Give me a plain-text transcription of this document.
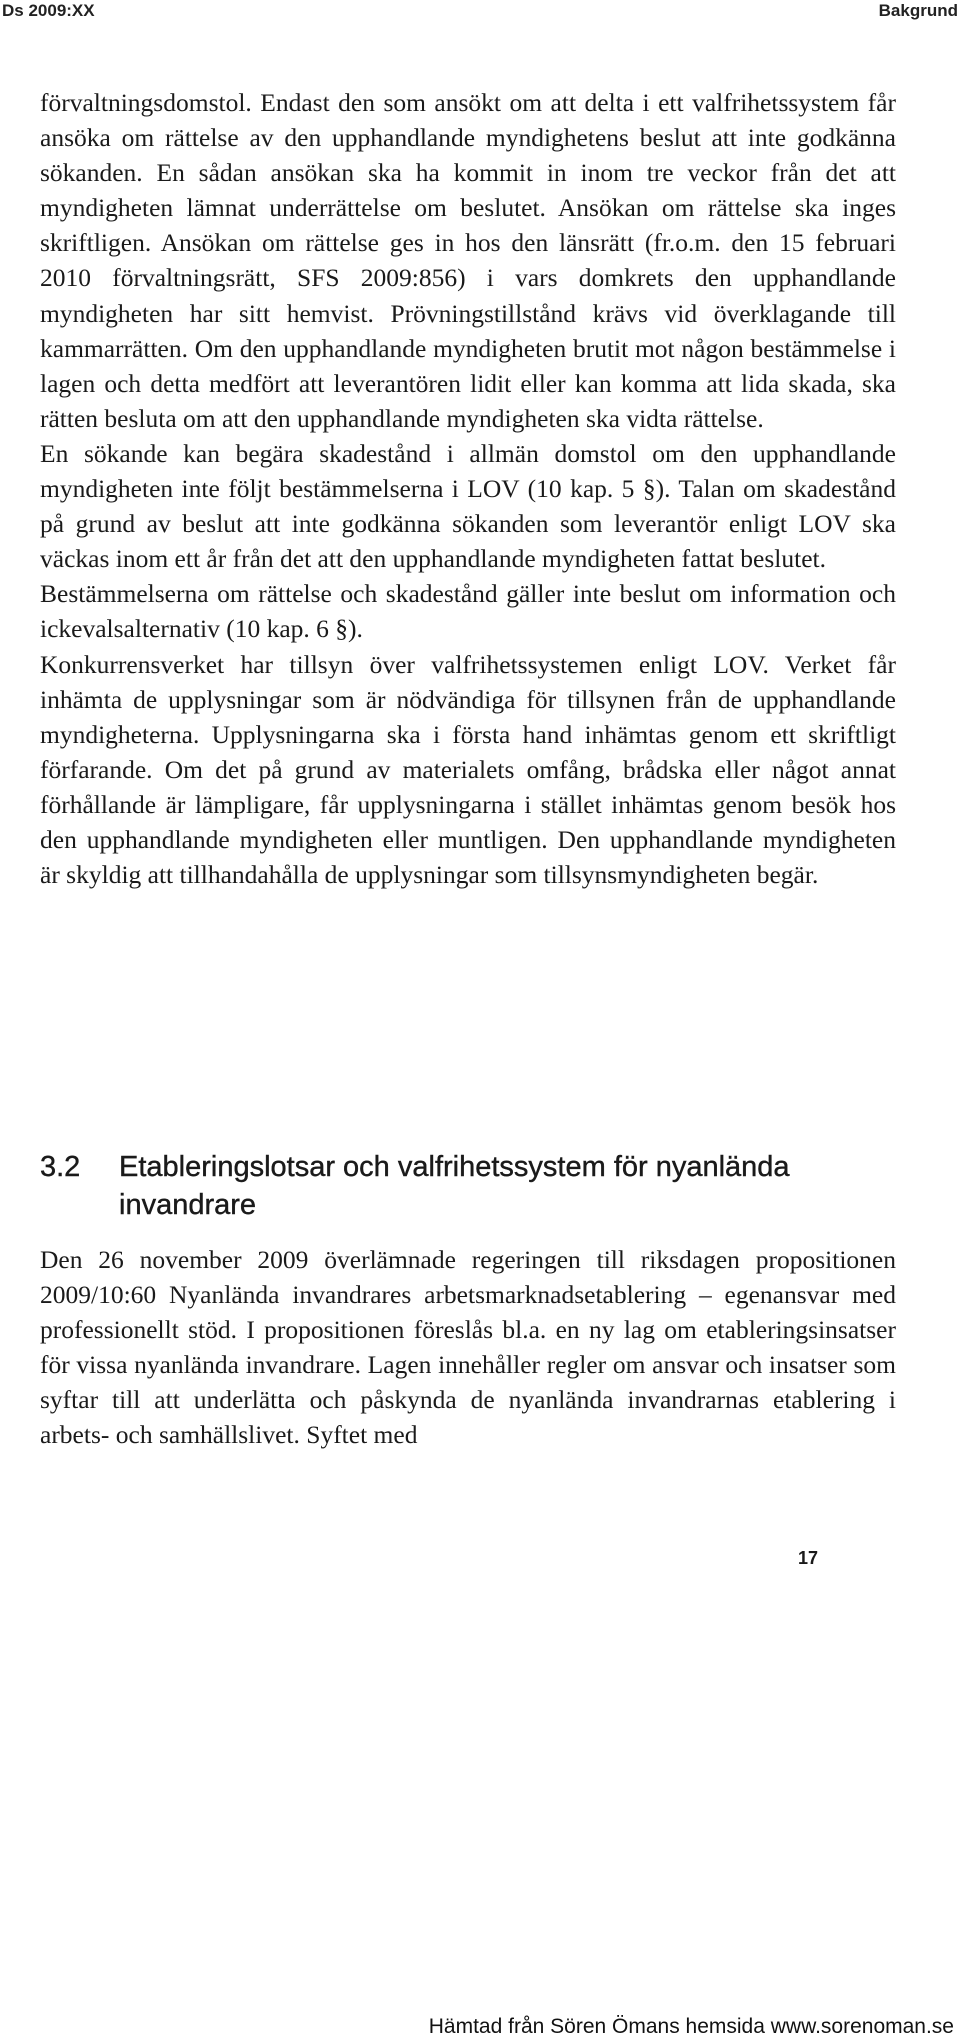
Ds 2009:XX	Bakgrund

förvaltningsdomstol. Endast den som ansökt om att delta i ett valfrihetssystem får ansöka om rättelse av den upphandlande myndighetens beslut att inte godkänna sökanden. En sådan ansökan ska ha kommit in inom tre veckor från det att myndigheten lämnat underrättelse om beslutet. Ansökan om rättelse ska inges skriftligen. Ansökan om rättelse ges in hos den länsrätt (fr.o.m. den 15 februari 2010 förvaltningsrätt, SFS 2009:856) i vars domkrets den upphandlande myndigheten har sitt hemvist. Prövningstillstånd krävs vid överklagande till kammarrätten. Om den upphandlande myndigheten brutit mot någon bestämmelse i lagen och detta medfört att leverantören lidit eller kan komma att lida skada, ska rätten besluta om att den upphandlande myndigheten ska vidta rättelse.

En sökande kan begära skadestånd i allmän domstol om den upphandlande myndigheten inte följt bestämmelserna i LOV (10 kap. 5 §). Talan om skadestånd på grund av beslut att inte godkänna sökanden som leverantör enligt LOV ska väckas inom ett år från det att den upphandlande myndigheten fattat beslutet.

Bestämmelserna om rättelse och skadestånd gäller inte beslut om information och ickevalsalternativ (10 kap. 6 §).

Konkurrensverket har tillsyn över valfrihetssystemen enligt LOV. Verket får inhämta de upplysningar som är nödvändiga för tillsynen från de upphandlande myndigheterna. Upplysningarna ska i första hand inhämtas genom ett skriftligt förfarande. Om det på grund av materialets omfång, brådska eller något annat förhållande är lämpligare, får upplysningarna i stället inhämtas genom besök hos den upphandlande myndigheten eller muntligen. Den upphandlande myndigheten är skyldig att tillhandahålla de upplysningar som tillsynsmyndigheten begär.

3.2 Etableringslotsar och valfrihetssystem för nyanlända invandrare

Den 26 november 2009 överlämnade regeringen till riksdagen propositionen 2009/10:60 Nyanlända invandrares arbetsmarknadsetablering – egenansvar med professionellt stöd. I propositionen föreslås bl.a. en ny lag om etableringsinsatser för vissa nyanlända invandrare. Lagen innehåller regler om ansvar och insatser som syftar till att underlätta och påskynda de nyanlända invandrarnas etablering i arbets- och samhällslivet. Syftet med

17
Hämtad från Sören Ömans hemsida www.sorenoman.se
